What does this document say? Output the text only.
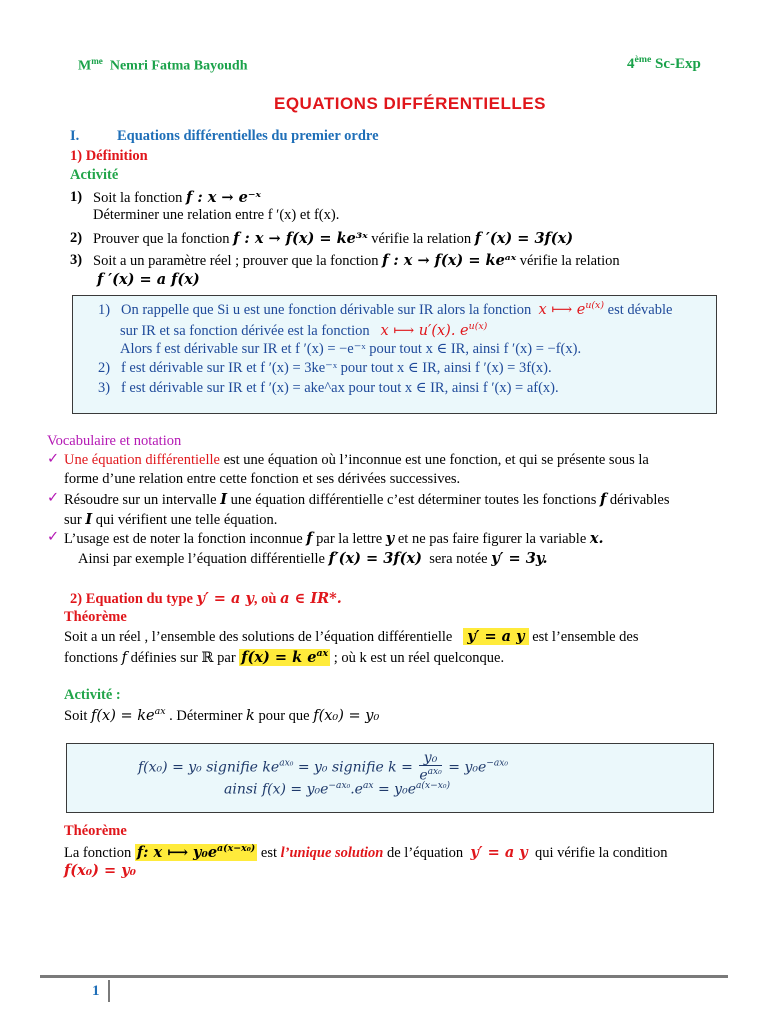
$M^{me}$ Nemri Fatma Bayoudh	4ème Sc-Exp
EQUATIONS DIFFÉRENTIELLES
I.	Equations différentielles du premier ordre
1) Définition
Activité
1) Soit la fonction f : x → e⁻ˣ
Déterminer une relation entre f ′(x) et f(x).
2) Prouver que la fonction f : x → f(x) = ke³ˣ vérifie la relation f ′(x) = 3f(x)
3) Soit a un paramètre réel ; prouver que la fonction f : x → f(x) = keᵃˣ vérifie la relation
f ′(x) = a f(x)
1) On rappelle que Si u est une fonction dérivable sur IR alors la fonction x ⟼ $e^{u(x)}$ est dévable
sur IR et sa fonction dérivée est la fonction x ⟼ u′(x). $e^{u(x)}$
Alors f est dérivable sur IR et f ′(x) = −e⁻ˣ pour tout x ∈ IR, ainsi f ′(x) = −f(x).
2) f est dérivable sur IR et f ′(x) = 3ke⁻ˣ pour tout x ∈ IR, ainsi f ′(x) = 3f(x).
3) f est dérivable sur IR et f ′(x) = ake^ax pour tout x ∈ IR, ainsi f ′(x) = af(x).
Vocabulaire et notation
✓ Une équation différentielle est une équation où l’inconnue est une fonction, et qui se présente sous la
forme d’une relation entre cette fonction et ses dérivées successives.
✓ Résoudre sur un intervalle I une équation différentielle c’est déterminer toutes les fonctions f dérivables
sur I qui vérifient une telle équation.
✓ L’usage est de noter la fonction inconnue f par la lettre y et ne pas faire figurer la variable x.
Ainsi par exemple l’équation différentielle f′(x) = 3f(x) sera notée y′ = 3y.
2) Equation du type y′ = a y, où a ∈ IR*.
Théorème
Soit a un réel , l’ensemble des solutions de l’équation différentielle y′ = a y est l’ensemble des
fonctions f définies sur ℝ par f(x) = k $e^{ax}$ ; où k est un réel quelconque.
Activité :
Soit $f(x) = ke^{ax}$ . Déterminer k pour que f(x₀) = y₀
f(x₀) = y₀ signifie $ke^{ax_0} = y_0$ signifie k =
y₀
$e^{ax_0} = y_0e^{-ax_0}$
ainsi $f(x) = y_0e^{-ax_0}.e^{ax} = y_0e^{a(x-x_0)}$
Théorème
La fonction f: x ⟼ $y_0e^{a(x-x_0)}$ est l’unique solution de l’équation y′ = a y qui vérifie la condition
f(x₀) = y₀
1
